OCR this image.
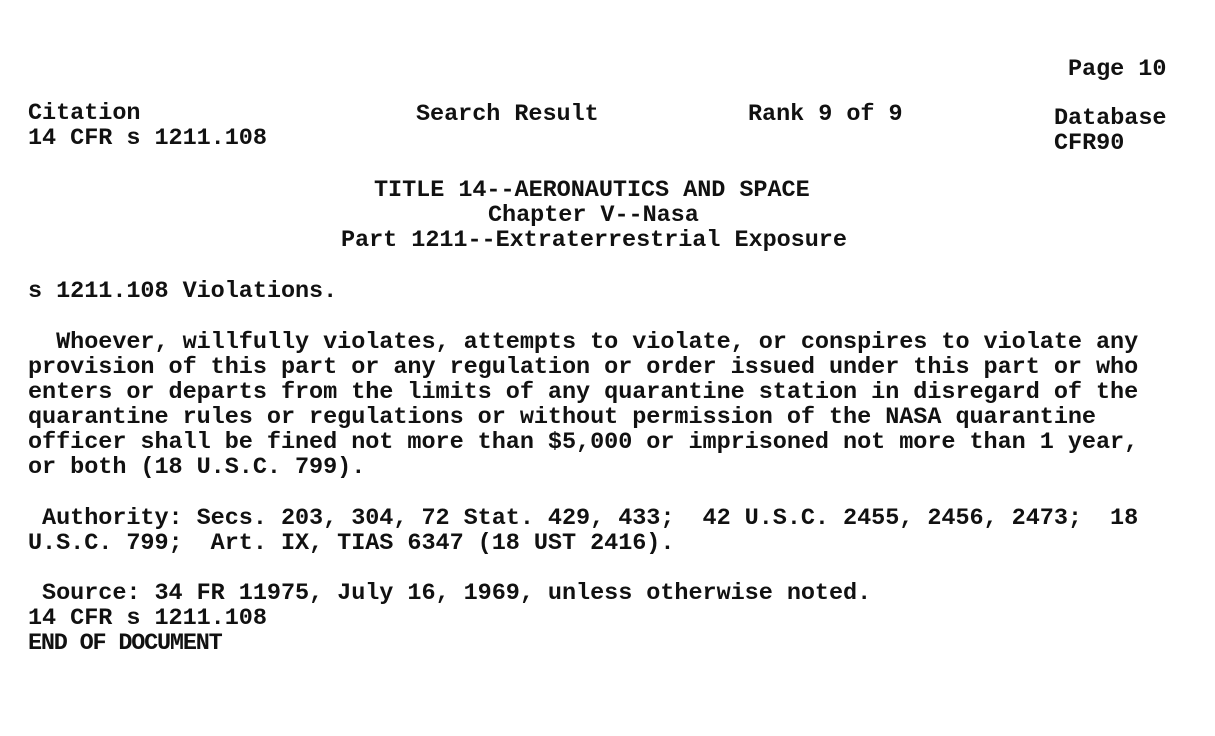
Page 10
Citation
14 CFR s 1211.108
Search Result	Rank 9 of 9	Database
CFR90
TITLE 14--AERONAUTICS AND SPACE
Chapter V--Nasa
Part 1211--Extraterrestrial Exposure
s 1211.108 Violations.
Whoever, willfully violates, attempts to violate, or conspires to violate any
provision of this part or any regulation or order issued under this part or who
enters or departs from the limits of any quarantine station in disregard of the
quarantine rules or regulations or without permission of the NASA quarantine
officer shall be fined not more than $5,000 or imprisoned not more than 1 year,
or both (18 U.S.C. 799).
Authority: Secs. 203, 304, 72 Stat. 429, 433;  42 U.S.C. 2455, 2456, 2473;  18
U.S.C. 799;  Art. IX, TIAS 6347 (18 UST 2416).
Source: 34 FR 11975, July 16, 1969, unless otherwise noted.
14 CFR s 1211.108
END OF DOCUMENT
